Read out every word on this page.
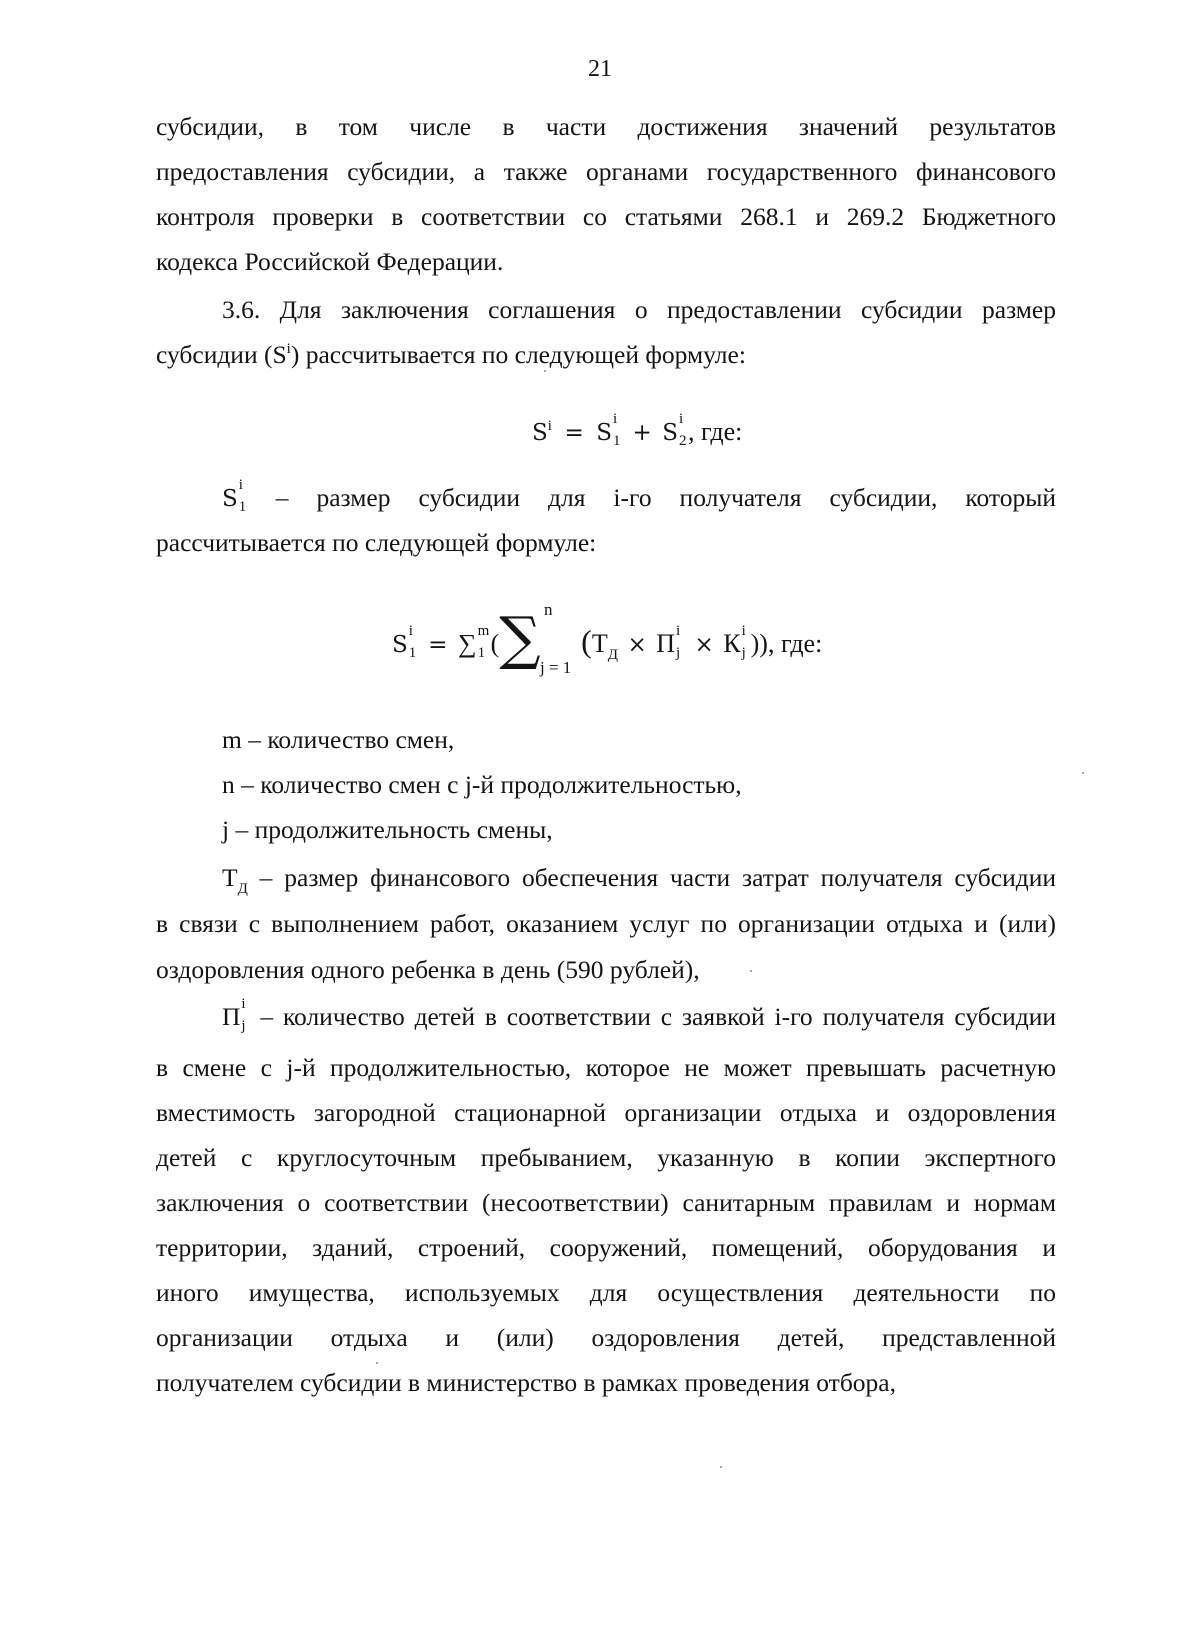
21

субсидии, в том числе в части достижения значений результатов

предоставления субсидии, а также органами государственного финансового

контроля проверки в соответствии со статьями 268.1 и 269.2 Бюджетного

кодекса Российской Федерации.

3.6. Для заключения соглашения о предоставлении субсидии размер

субсидии $(S^i)$ рассчитывается по следующей формуле:

$S^i = S$
i
1 + S
i
2 , где:

S
i
1 – размер субсидии для i-го получателя субсидии, который

рассчитывается по следующей формуле:

S
i
1 = ∑ m
1 (∑ n
j = 1
($Т_Д \times П$ i
j × К i
j )), где:

m – количество смен,

n – количество смен с j-й продолжительностью,

j – продолжительность смены,

$Т_Д$ – размер финансового обеспечения части затрат получателя субсидии

в связи с выполнением работ, оказанием услуг по организации отдыха и (или)

оздоровления одного ребенка в день (590 рублей),

П i
j – количество детей в соответствии с заявкой i-го получателя субсидии

в смене с j-й продолжительностью, которое не может превышать расчетную

вместимость загородной стационарной организации отдыха и оздоровления

детей с круглосуточным пребыванием, указанную в копии экспертного

заключения о соответствии (несоответствии) санитарным правилам и нормам

территории, зданий, строений, сооружений, помещений, оборудования и

иного имущества, используемых для осуществления деятельности по

организации отдыха и (или) оздоровления детей, представленной

получателем субсидии в министерство в рамках проведения отбора,
